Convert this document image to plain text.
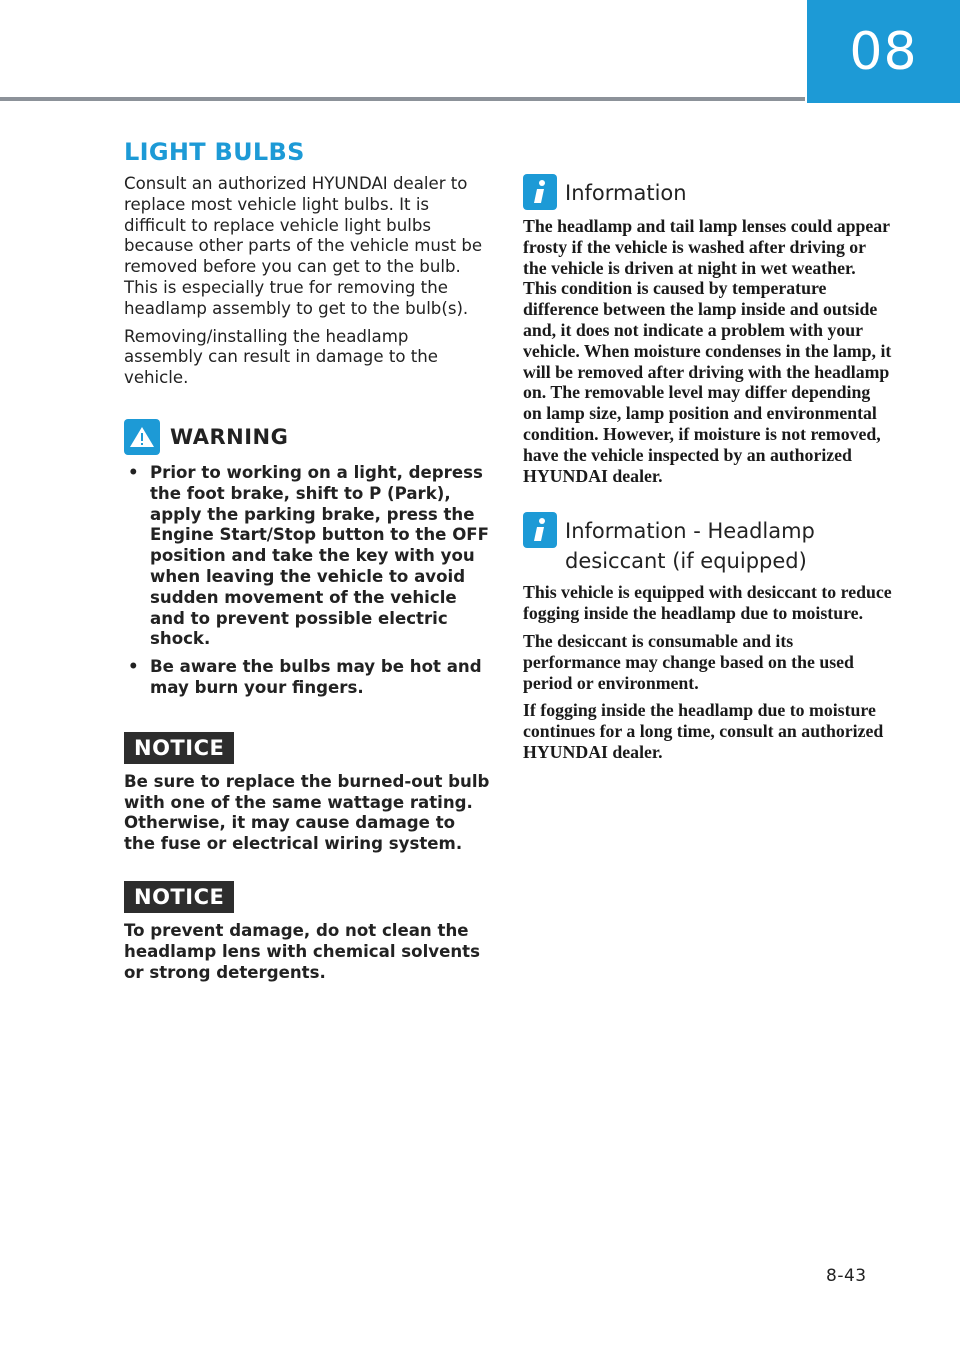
08
LIGHT BULBS

Consult an authorized HYUNDAI dealer to replace most vehicle light bulbs. It is difficult to replace vehicle light bulbs because other parts of the vehicle must be removed before you can get to the bulb. This is especially true for removing the headlamp assembly to get to the bulb(s).

Removing/installing the headlamp assembly can result in damage to the vehicle.

WARNING
• Prior to working on a light, depress the foot brake, shift to P (Park), apply the parking brake, press the Engine Start/Stop button to the OFF position and take the key with you when leaving the vehicle to avoid sudden movement of the vehicle and to prevent possible electric shock.
• Be aware the bulbs may be hot and may burn your fingers.
NOTICE

Be sure to replace the burned-out bulb with one of the same wattage rating. Otherwise, it may cause damage to the fuse or electrical wiring system.

NOTICE

To prevent damage, do not clean the headlamp lens with chemical solvents or strong detergents.

Information

The headlamp and tail lamp lenses could appear frosty if the vehicle is washed after driving or the vehicle is driven at night in wet weather. This condition is caused by temperature difference between the lamp inside and outside and, it does not indicate a problem with your vehicle. When moisture condenses in the lamp, it will be removed after driving with the headlamp on. The removable level may differ depending on lamp size, lamp position and environmental condition. However, if moisture is not removed, have the vehicle inspected by an authorized HYUNDAI dealer.

Information - Headlamp desiccant (if equipped)

This vehicle is equipped with desiccant to reduce fogging inside the headlamp due to moisture.

The desiccant is consumable and its performance may change based on the used period or environment.

If fogging inside the headlamp due to moisture continues for a long time, consult an authorized HYUNDAI dealer.

8-43
